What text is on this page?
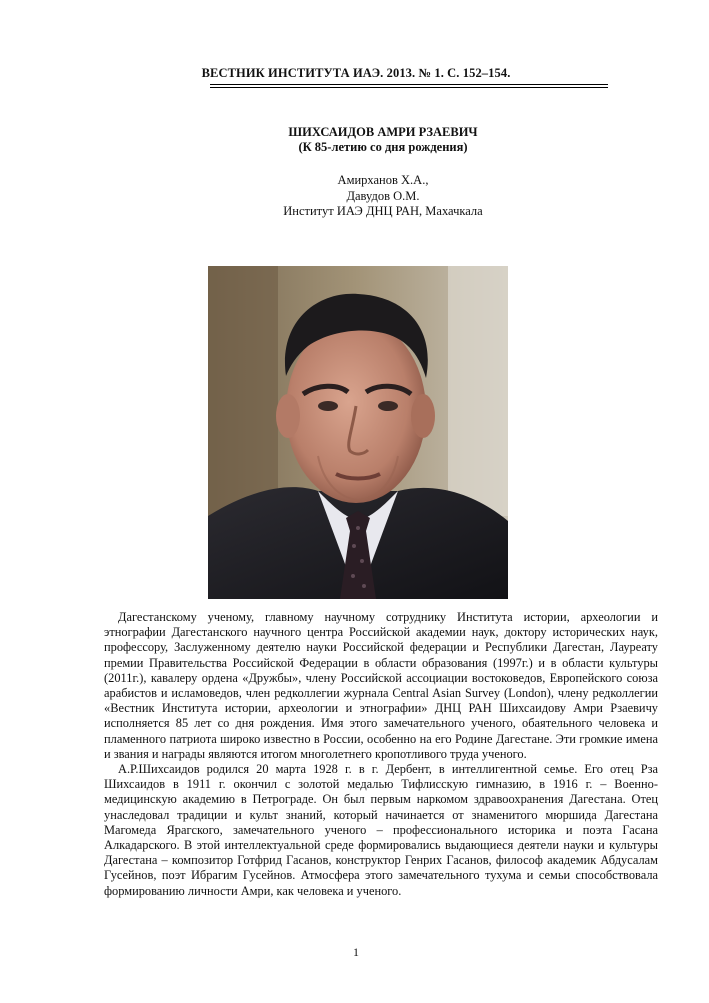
ВЕСТНИК ИНСТИТУТА ИАЭ. 2013. № 1. С. 152–154.
ШИХСАИДОВ АМРИ РЗАЕВИЧ
(К 85-летию со дня рождения)
Амирханов Х.А.,
Давудов О.М.
Институт ИАЭ ДНЦ РАН, Махачкала

Дагестанскому ученому, главному научному сотруднику Института истории, археологии и этнографии Дагестанского научного центра Российской академии наук, доктору исторических наук, профессору, Заслуженному деятелю науки Российской федерации и Республики Дагестан, Лауреату премии Правительства Российской Федерации в области образования (1997г.) и в области культуры (2011г.), кавалеру ордена «Дружбы», члену Российской ассоциации востоковедов, Европейского союза арабистов и исламоведов, член редколлегии журнала Central Asian Survey (London), члену редколлегии «Вестник Института истории, археологии и этнографии» ДНЦ РАН Шихсаидову Амри Рзаевичу исполняется 85 лет со дня рождения. Имя этого замечательного ученого, обаятельного человека и пламенного патриота широко известно в России, особенно на его Родине Дагестане. Эти громкие имена и звания и награды являются итогом многолетнего кропотливого труда ученого.

А.Р.Шихсаидов родился 20 марта 1928 г. в г. Дербент, в интеллигентной семье. Его отец Рза Шихсаидов в 1911 г. окончил с золотой медалью Тифлисскую гимназию, в 1916 г. – Военно-медицинскую академию в Петрограде. Он был первым наркомом здравоохранения Дагестана. Отец унаследовал традиции и культ знаний, который начинается от знаменитого мюршида Дагестана Магомеда Ярагского, замечательного ученого – профессионального историка и поэта Гасана Алкадарского. В этой интеллектуальной среде формировались выдающиеся деятели науки и культуры Дагестана – композитор Готфрид Гасанов, конструктор Генрих Гасанов, философ академик Абдусалам Гусейнов, поэт Ибрагим Гусейнов. Атмосфера этого замечательного тухума и семьи способствовала формированию личности Амри, как человека и ученого.

1
